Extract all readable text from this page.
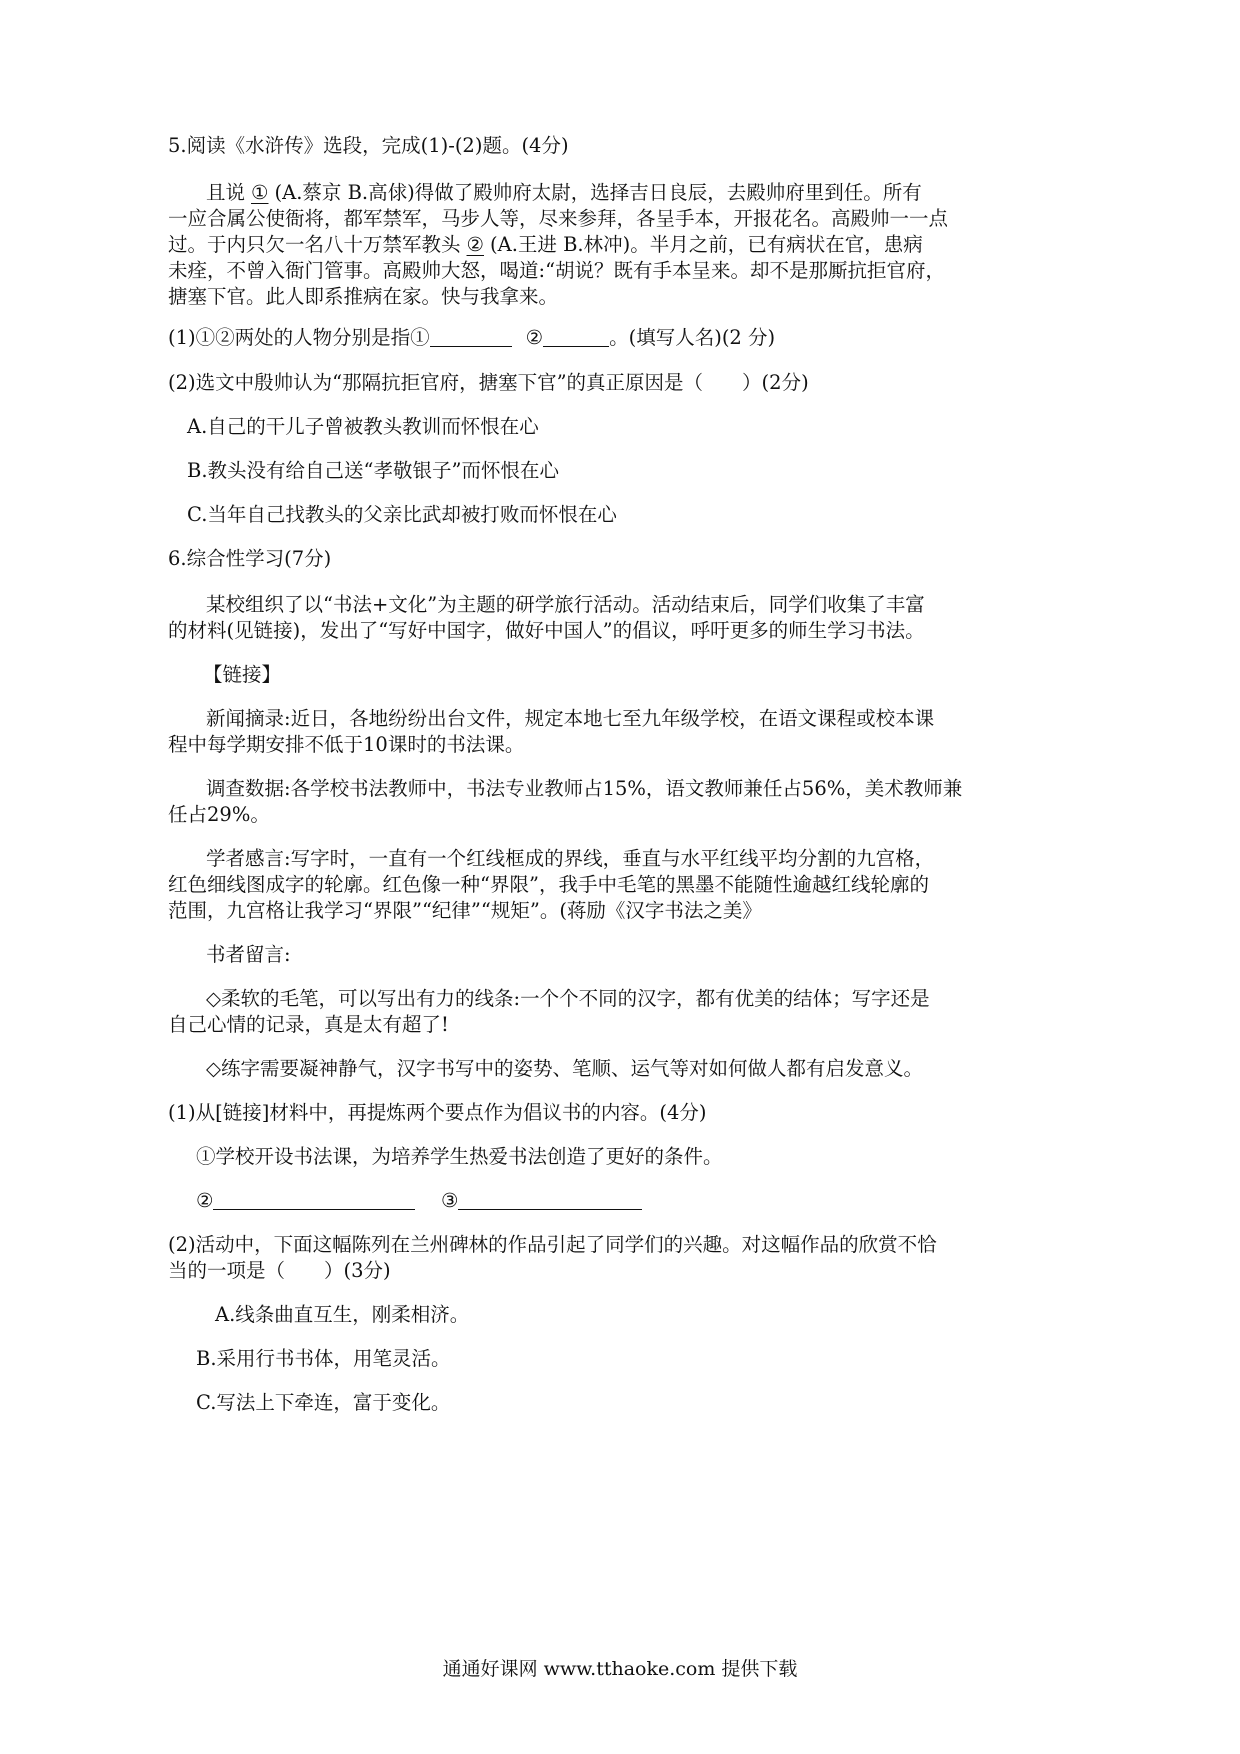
5.阅读《水浒传》选段，完成(1)-(2)题。(4分)
且说 ① (A.蔡京 B.高俅)得做了殿帅府太尉，选择吉日良辰，去殿帅府里到任。所有
一应合属公使衙将，都军禁军，马步人等，尽来参拜，各呈手本，开报花名。高殿帅一一点
过。于内只欠一名八十万禁军教头 ② (A.王进 B.林冲)。半月之前，已有病状在官，患病
未痊，不曾入衙门管事。高殿帅大怒，喝道:“胡说？既有手本呈来。却不是那厮抗拒官府，
搪塞下官。此人即系推病在家。快与我拿来。
(1)①②两处的人物分别是指①	②	。(填写人名)(2 分)
(2)选文中殷帅认为“那隔抗拒官府，搪塞下官”的真正原因是（　　）(2分)
A.自己的干儿子曾被教头教训而怀恨在心
B.教头没有给自己送“孝敬银子”而怀恨在心
C.当年自己找教头的父亲比武却被打败而怀恨在心
6.综合性学习(7分)
某校组织了以“书法+文化”为主题的研学旅行活动。活动结束后，同学们收集了丰富
的材料(见链接)，发出了“写好中国字，做好中国人”的倡议，呼吁更多的师生学习书法。
【链接】
新闻摘录:近日，各地纷纷出台文件，规定本地七至九年级学校，在语文课程或校本课
程中每学期安排不低于10课时的书法课。
调查数据:各学校书法教师中，书法专业教师占15%，语文教师兼任占56%，美术教师兼
任占29%。
学者感言:写字时，一直有一个红线框成的界线，垂直与水平红线平均分割的九宫格，
红色细线图成字的轮廓。红色像一种“界限”，我手中毛笔的黑墨不能随性逾越红线轮廓的
范围，九宫格让我学习“界限”“纪律”“规矩”。(蒋励《汉字书法之美》
书者留言:
◇柔软的毛笔，可以写出有力的线条:一个个不同的汉字，都有优美的结体；写字还是
自己心情的记录，真是太有超了!
◇练字需要凝神静气，汉字书写中的姿势、笔顺、运气等对如何做人都有启发意义。
(1)从[链接]材料中，再提炼两个要点作为倡议书的内容。(4分)
①学校开设书法课，为培养学生热爱书法创造了更好的条件。
②	③
(2)活动中，下面这幅陈列在兰州碑林的作品引起了同学们的兴趣。对这幅作品的欣赏不恰
当的一项是（　　）(3分)
A.线条曲直互生，刚柔相济。
B.采用行书书体，用笔灵活。
C.写法上下牵连，富于变化。
通通好课网 www.tthaoke.com 提供下载
